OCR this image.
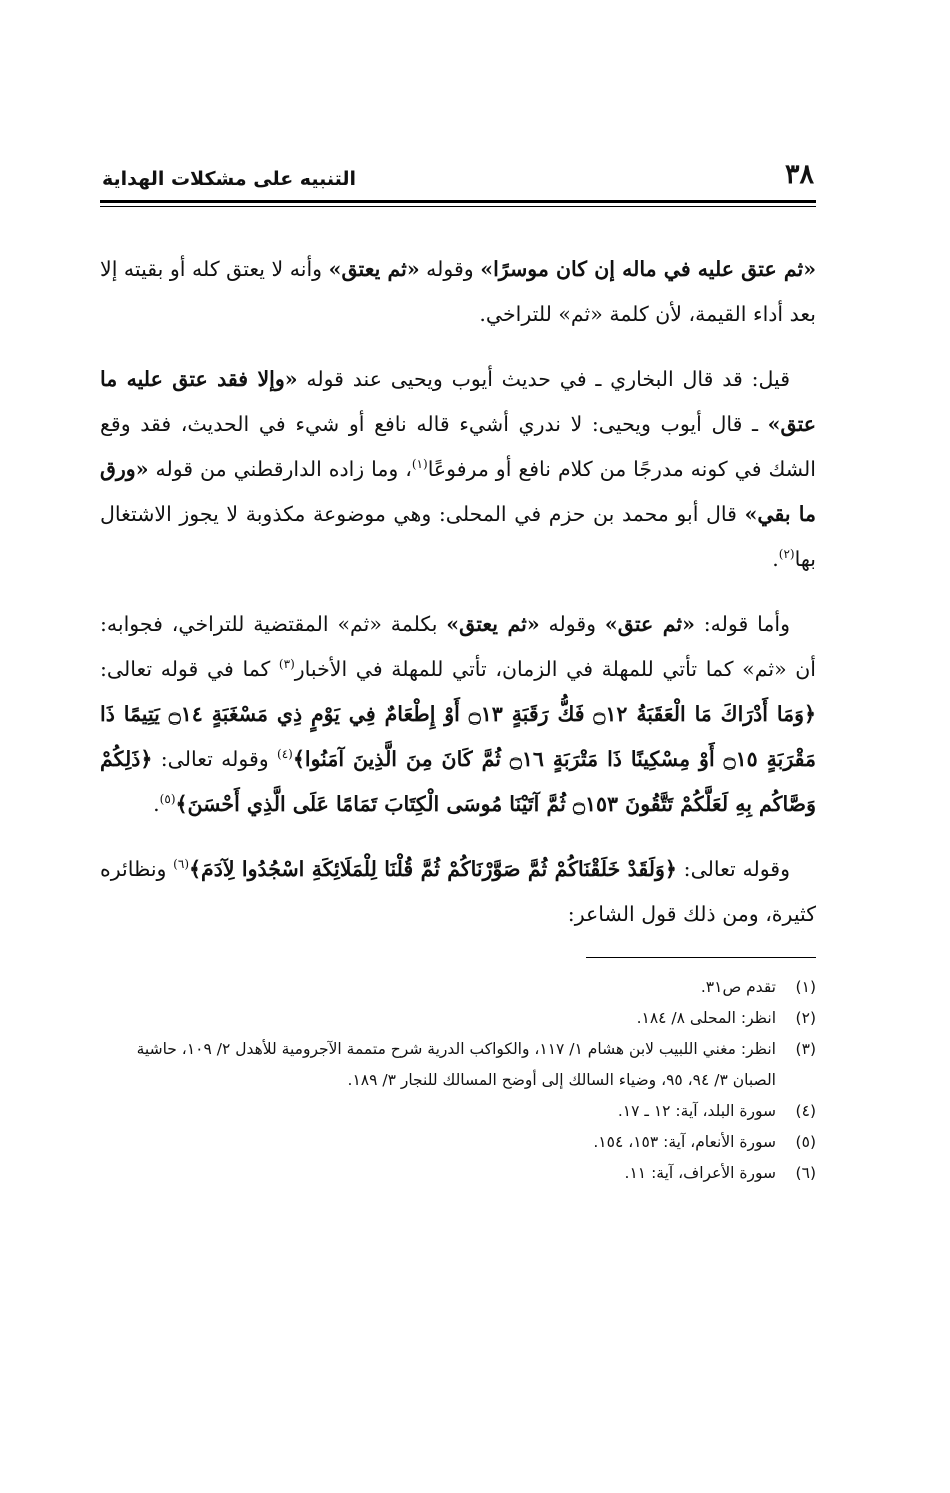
٣٨
التنبيه على مشكلات الهداية

«ثم عتق عليه في ماله إن كان موسرًا» وقوله «ثم يعتق» وأنه لا يعتق كله أو بقيته إلا بعد أداء القيمة، لأن كلمة «ثم» للتراخي.

قيل: قد قال البخاري ـ في حديث أيوب ويحيى عند قوله «وإلا فقد عتق عليه ما عتق» ـ قال أيوب ويحيى: لا ندري أشيء قاله نافع أو شيء في الحديث، فقد وقع الشك في كونه مدرجًا من كلام نافع أو مرفوعًا$^{(١)}$، وما زاده الدارقطني من قوله «ورق ما بقي» قال أبو محمد بن حزم في المحلى: وهي موضوعة مكذوبة لا يجوز الاشتغال بها$^{(٢)}$.

وأما قوله: «ثم عتق» وقوله «ثم يعتق» بكلمة «ثم» المقتضية للتراخي، فجوابه: أن «ثم» كما تأتي للمهلة في الزمان، تأتي للمهلة في الأخبار$^{(٣)}$ كما في قوله تعالى: ﴿وَمَا أَدْرَاكَ مَا الْعَقَبَةُ ۝١٢ فَكُّ رَقَبَةٍ ۝١٣ أَوْ إِطْعَامٌ فِي يَوْمٍ ذِي مَسْغَبَةٍ ۝١٤ يَتِيمًا ذَا مَقْرَبَةٍ ۝١٥ أَوْ مِسْكِينًا ذَا مَتْرَبَةٍ ۝١٦ ثُمَّ كَانَ مِنَ الَّذِينَ آمَنُوا﴾$^{(٤)}$ وقوله تعالى: ﴿ذَلِكُمْ وَصَّاكُم بِهِ لَعَلَّكُمْ تَتَّقُونَ ۝١٥٣ ثُمَّ آتَيْنَا مُوسَى الْكِتَابَ تَمَامًا عَلَى الَّذِي أَحْسَنَ﴾$^{(٥)}$.

وقوله تعالى: ﴿وَلَقَدْ خَلَقْنَاكُمْ ثُمَّ صَوَّرْنَاكُمْ ثُمَّ قُلْنَا لِلْمَلَائِكَةِ اسْجُدُوا لِآدَمَ﴾$^{(٦)}$ ونظائره كثيرة، ومن ذلك قول الشاعر:

(١)
تقدم ص٣١.
(٢)
انظر: المحلى ٨/ ١٨٤.
(٣)
انظر: مغني اللبيب لابن هشام ١/ ١١٧، والكواكب الدرية شرح متممة الآجرومية للأهدل ٢/ ١٠٩، حاشية الصبان ٣/ ٩٤، ٩٥، وضياء السالك إلى أوضح المسالك للنجار ٣/ ١٨٩.
(٤)
سورة البلد، آية: ١٢ ـ ١٧.
(٥)
سورة الأنعام، آية: ١٥٣، ١٥٤.
(٦)
سورة الأعراف، آية: ١١.
